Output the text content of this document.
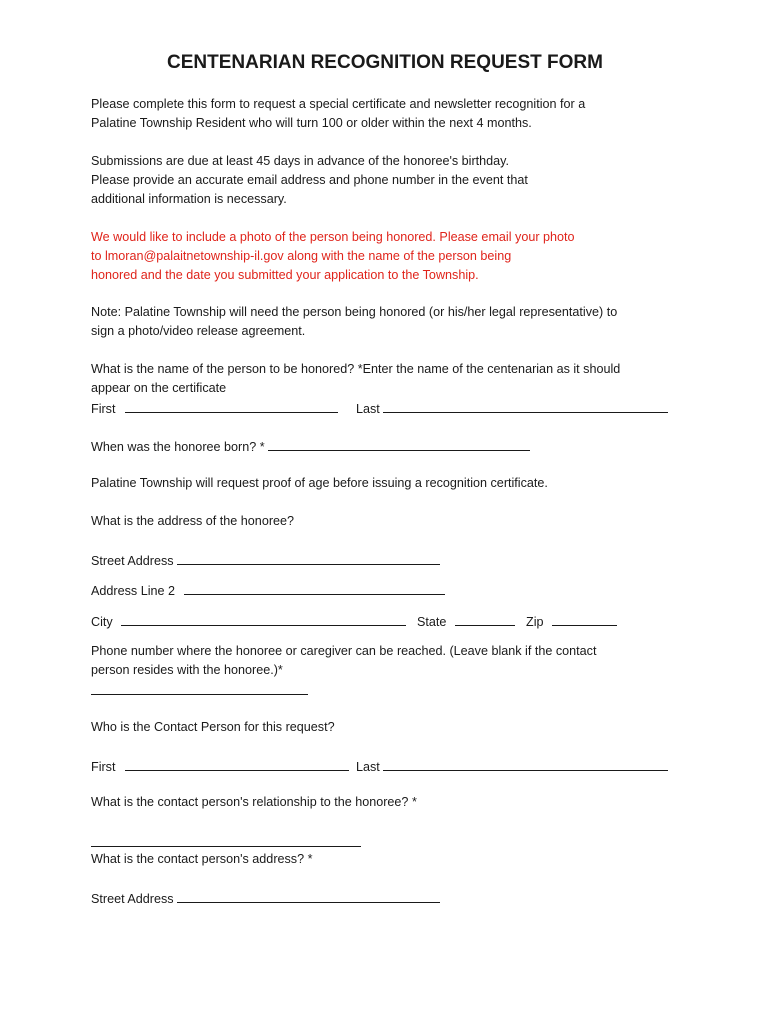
CENTENARIAN RECOGNITION REQUEST FORM
Please complete this form to request a special certificate and newsletter recognition for a
Palatine Township Resident who will turn 100 or older within the next 4 months.
Submissions are due at least 45 days in advance of the honoree's birthday.
Please provide an accurate email address and phone number in the event that
additional information is necessary.
We would like to include a photo of the person being honored. Please email your photo
to lmoran@palaitnetownship-il.gov along with the name of the person being
honored and the date you submitted your application to the Township.
Note: Palatine Township will need the person being honored (or his/her legal representative) to
sign a photo/video release agreement.
What is the name of the person to be honored? *Enter the name of the centenarian as it should
appear on the certificate
First	Last
When was the honoree born? *
Palatine Township will request proof of age before issuing a recognition certificate.
What is the address of the honoree?
Street Address
Address Line 2
City	State	Zip
Phone number where the honoree or caregiver can be reached. (Leave blank if the contact
person resides with the honoree.)*
Who is the Contact Person for this request?
First	Last
What is the contact person's relationship to the honoree? *
What is the contact person's address? *
Street Address
